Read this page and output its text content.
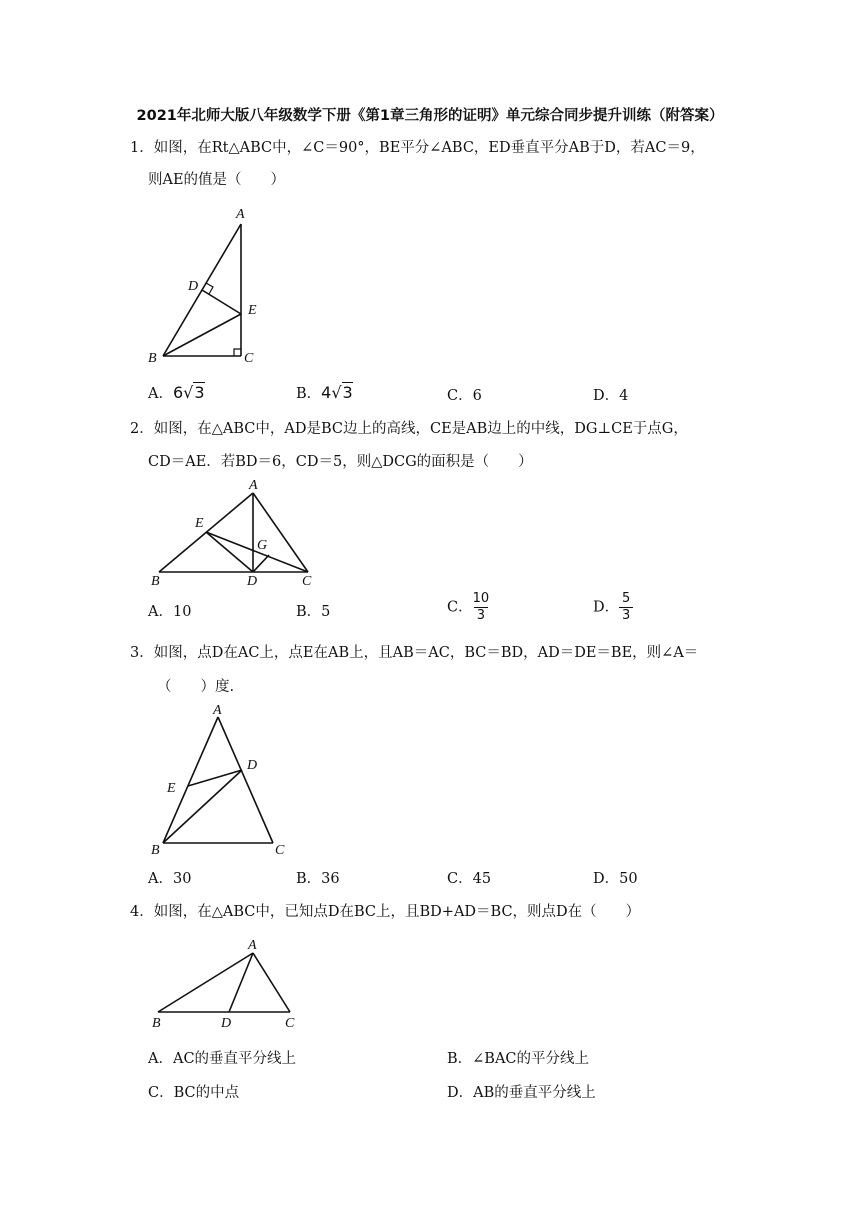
2021年北师大版八年级数学下册《第1章三角形的证明》单元综合同步提升训练（附答案）
1．如图，在Rt△ABC中，∠C＝90°，BE平分∠ABC，ED垂直平分AB于D，若AC＝9，
则AE的值是（　　）
A
B	C
D
E
A．6√3	B．4√3	C．6	D．4
2．如图，在△ABC中，AD是BC边上的高线，CE是AB边上的中线，DG⊥CE于点G，
CD＝AE．若BD＝6，CD＝5，则△DCG的面积是（　　）
A
B	C
D
E
G
A．10	B．5	C． $\frac{10}{3}$	D． $\frac{5}{3}$
3．如图，点D在AC上，点E在AB上，且AB＝AC，BC＝BD，AD＝DE＝BE，则∠A＝
（　　）度.
A
B	C
D
E
A．30	B．36	C．45	D．50
4．如图，在△ABC中，已知点D在BC上，且BD+AD＝BC，则点D在（　　）
A
B	C
D
A．AC的垂直平分线上	B．∠BAC的平分线上
C．BC的中点	D．AB的垂直平分线上
